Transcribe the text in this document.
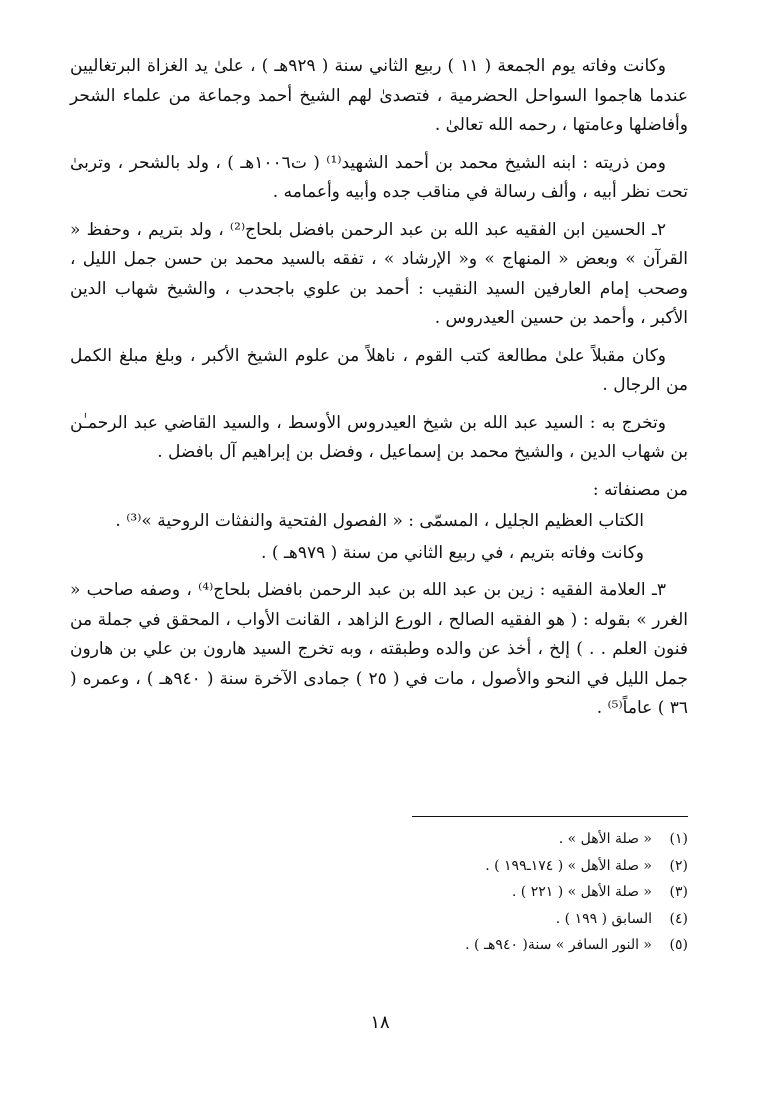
وكانت وفاته يوم الجمعة ( ١١ ) ربيع الثاني سنة ( ٩٢٩هـ ) ، علىٰ يد الغزاة البرتغاليين عندما هاجموا السواحل الحضرمية ، فتصدىٰ لهم الشيخ أحمد وجماعة من علماء الشحر وأفاضلها وعامتها ، رحمه الله تعالىٰ .

ومن ذريته : ابنه الشيخ محمد بن أحمد الشهيد⁽¹⁾ ( ت١٠٠٦هـ ) ، ولد بالشحر ، وتربىٰ تحت نظر أبيه ، وألف رسالة في مناقب جده وأبيه وأعمامه .

٢ـ الحسين ابن الفقيه عبد الله بن عبد الرحمن بافضل بلحاج⁽²⁾ ، ولد بتريم ، وحفظ « القرآن » وبعض « المنهاج » و« الإرشاد » ، تفقه بالسيد محمد بن حسن جمل الليل ، وصحب إمام العارفين السيد النقيب : أحمد بن علوي باجحدب ، والشيخ شهاب الدين الأكبر ، وأحمد بن حسين العيدروس .

وكان مقبلاً علىٰ مطالعة كتب القوم ، ناهلاً من علوم الشيخ الأكبر ، وبلغ مبلغ الكمل من الرجال .

وتخرج به : السيد عبد الله بن شيخ العيدروس الأوسط ، والسيد القاضي عبد الرحمـٰن بن شهاب الدين ، والشيخ محمد بن إسماعيل ، وفضل بن إبراهيم آل بافضل .

من مصنفاته :

الكتاب العظيم الجليل ، المسمّى : « الفصول الفتحية والنفثات الروحية »⁽³⁾ .

وكانت وفاته بتريم ، في ربيع الثاني من سنة ( ٩٧٩هـ ) .

٣ـ العلامة الفقيه : زين بن عبد الله بن عبد الرحمن بافضل بلحاج⁽⁴⁾ ، وصفه صاحب « الغرر » بقوله : ( هو الفقيه الصالح ، الورع الزاهد ، القانت الأواب ، المحقق في جملة من فنون العلم . . ) إلخ ، أخذ عن والده وطبقته ، وبه تخرج السيد هارون بن علي بن هارون جمل الليل في النحو والأصول ، مات في ( ٢٥ ) جمادى الآخرة سنة ( ٩٤٠هـ ) ، وعمره ( ٣٦ ) عاماً⁽⁵⁾ .

(١)
« صلة الأهل » .
(٢)
« صلة الأهل » ( ١٧٤ـ١٩٩ ) .
(٣)
« صلة الأهل » ( ٢٢١ ) .
(٤)
السابق ( ١٩٩ ) .
(٥)
« النور السافر » سنة( ٩٤٠هـ ) .
١٨
